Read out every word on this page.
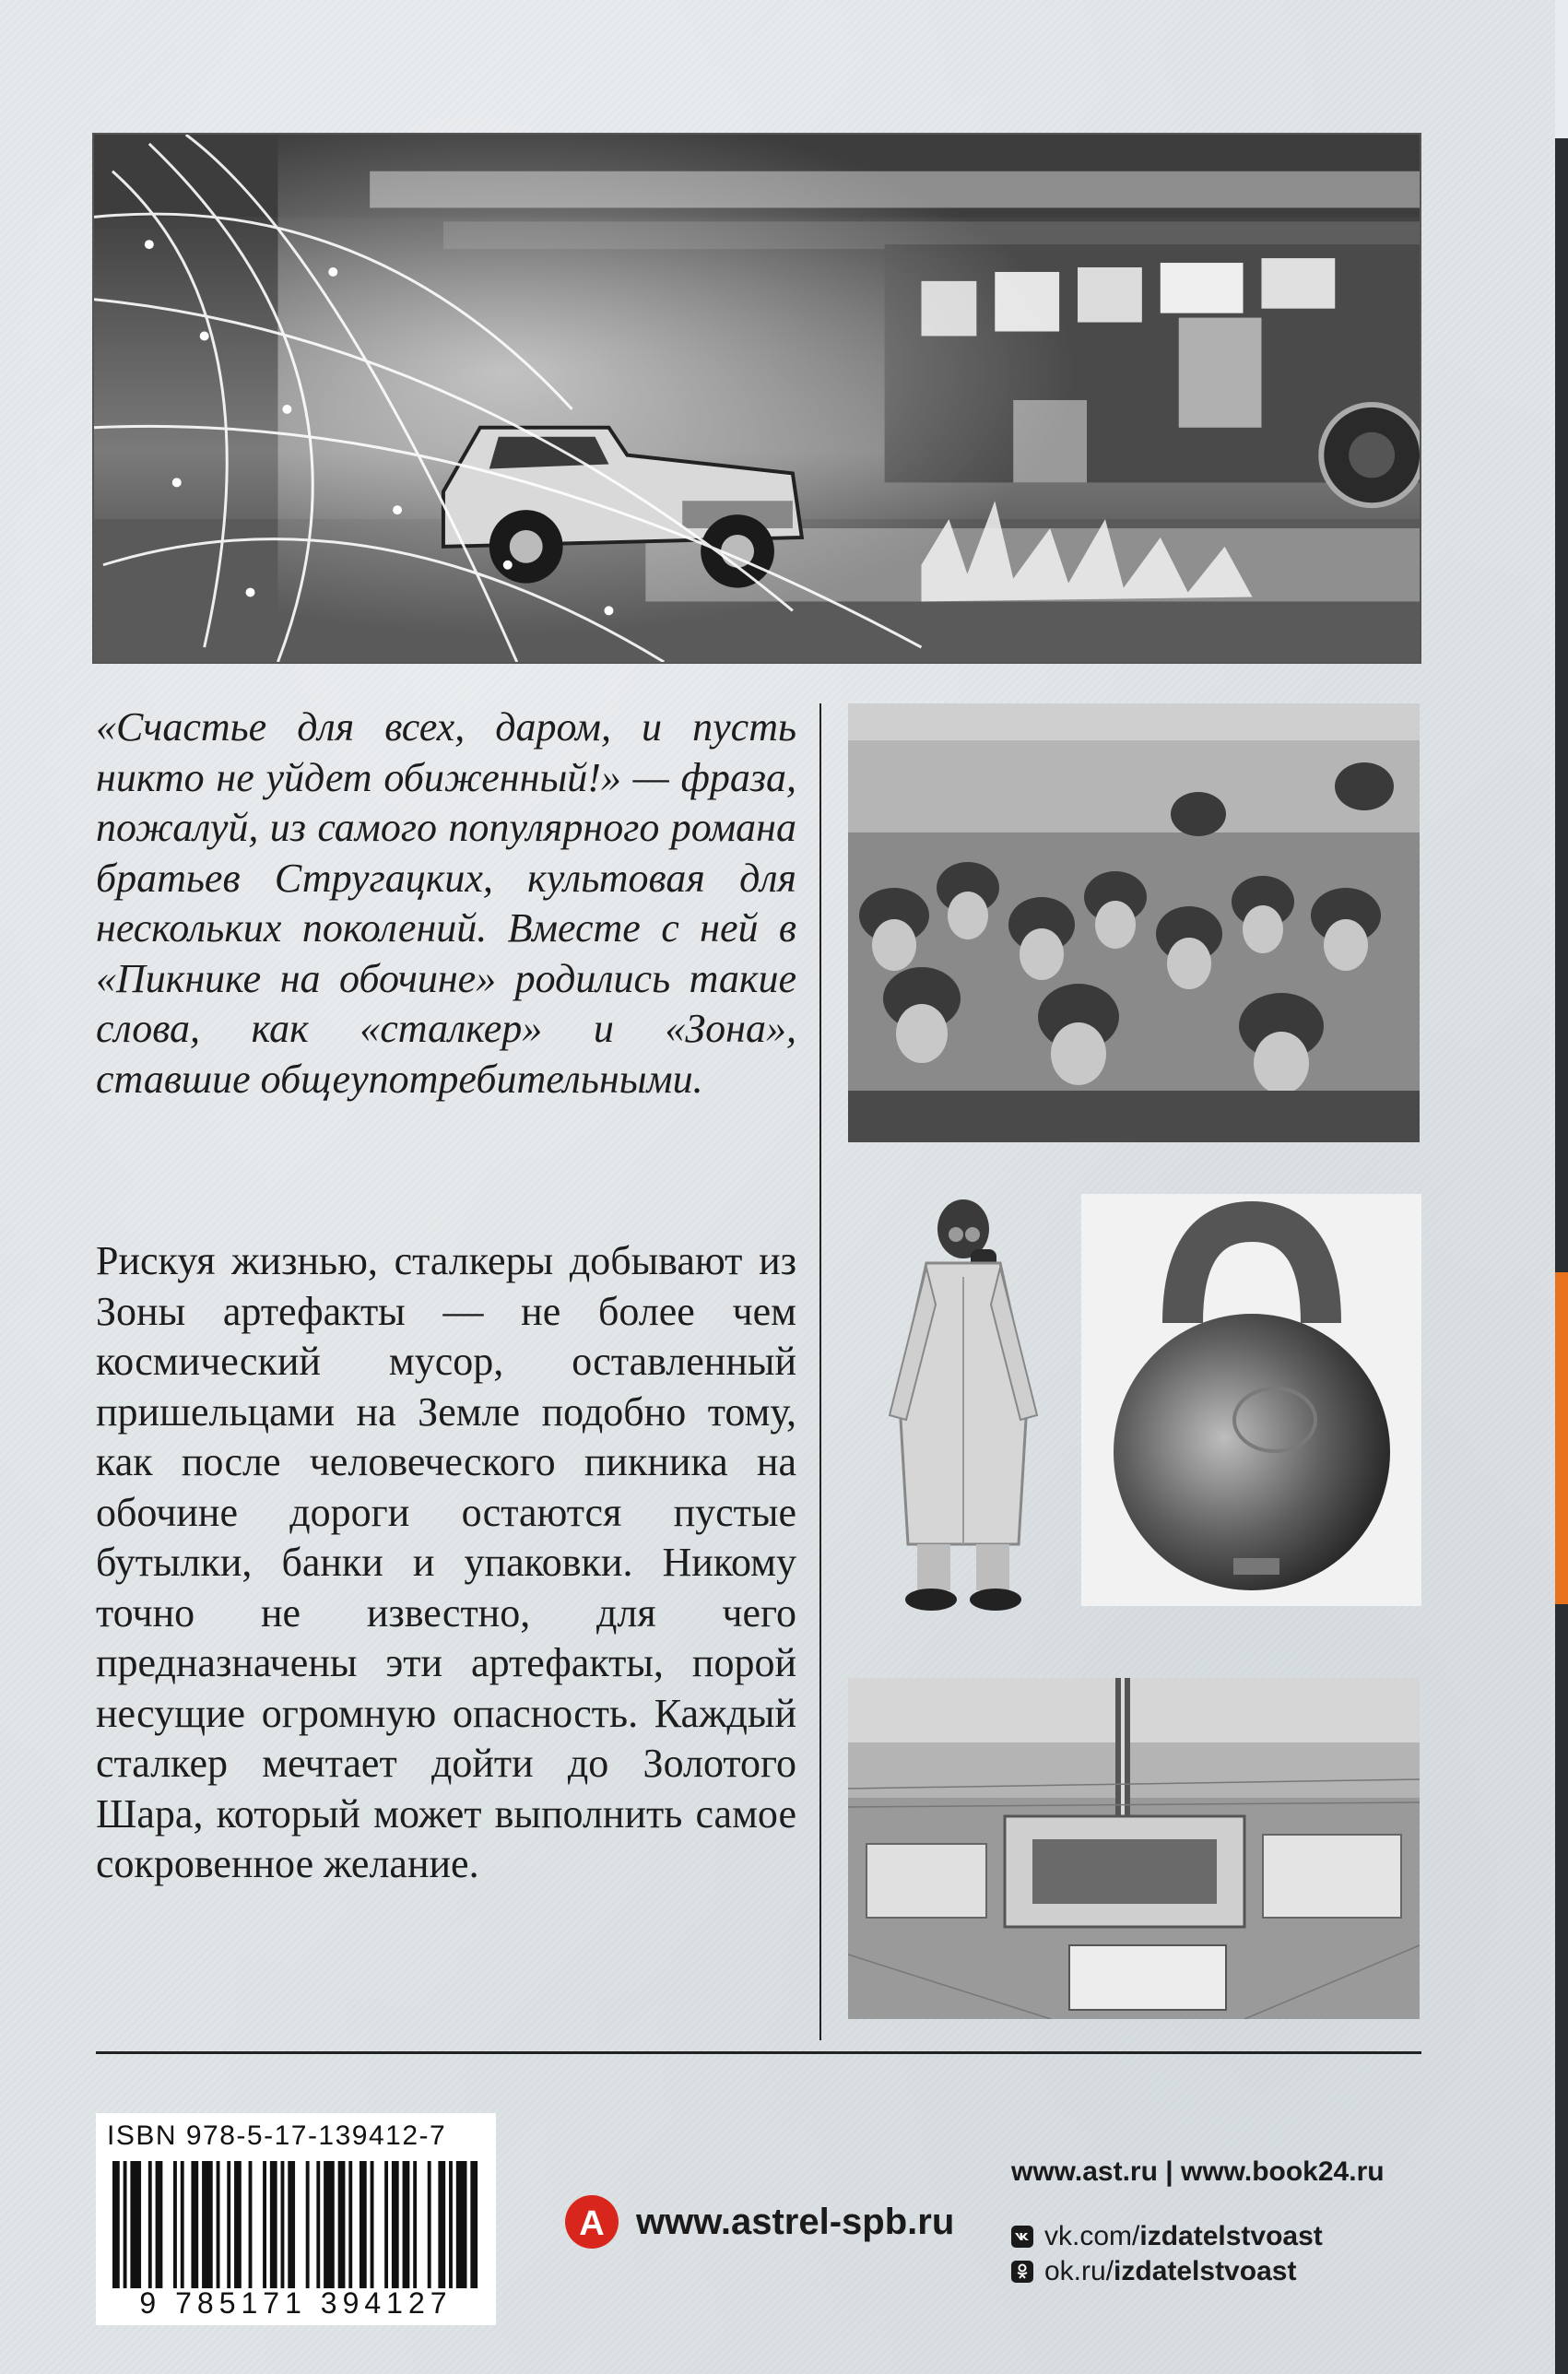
«Счастье для всех, даром, и пусть никто не уйдет обиженный!» — фраза, пожалуй, из самого популярного романа братьев Стругацких, культовая для нескольких поколений. Вместе с ней в «Пикнике на обочине» родились такие слова, как «сталкер» и «Зона», ставшие общеупотребительными.

Рискуя жизнью, сталкеры добывают из Зоны артефакты — не более чем космический мусор, оставленный пришельцами на Земле подобно тому, как после человеческого пикника на обочине дороги остаются пустые бутылки, банки и упаковки. Никому точно не известно, для чего предназначены эти артефакты, порой несущие огромную опасность. Каждый сталкер мечтает дойти до Золотого Шара, который может выполнить самое сокровенное желание.

ISBN 978-5-17-139412-7
9 785171 394127
А www.astrel-spb.ru
www.ast.ru | www.book24.ru
vk.com/ izdatelstvoast
ok.ru/ izdatelstvoast
